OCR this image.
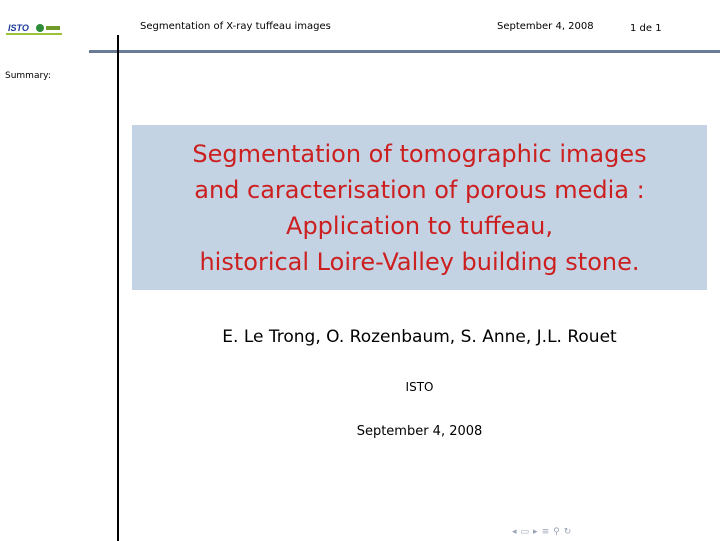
ISTO	Segmentation of X-ray tuffeau images	September 4, 2008	1 de 1
Summary:
Segmentation of tomographic images
and caracterisation of porous media :
Application to tuffeau,
historical Loire-Valley building stone.
E. Le Trong, O. Rozenbaum, S. Anne, J.L. Rouet
ISTO
September 4, 2008
◂ ▭ ▸ ≡ ⚲ ↻
